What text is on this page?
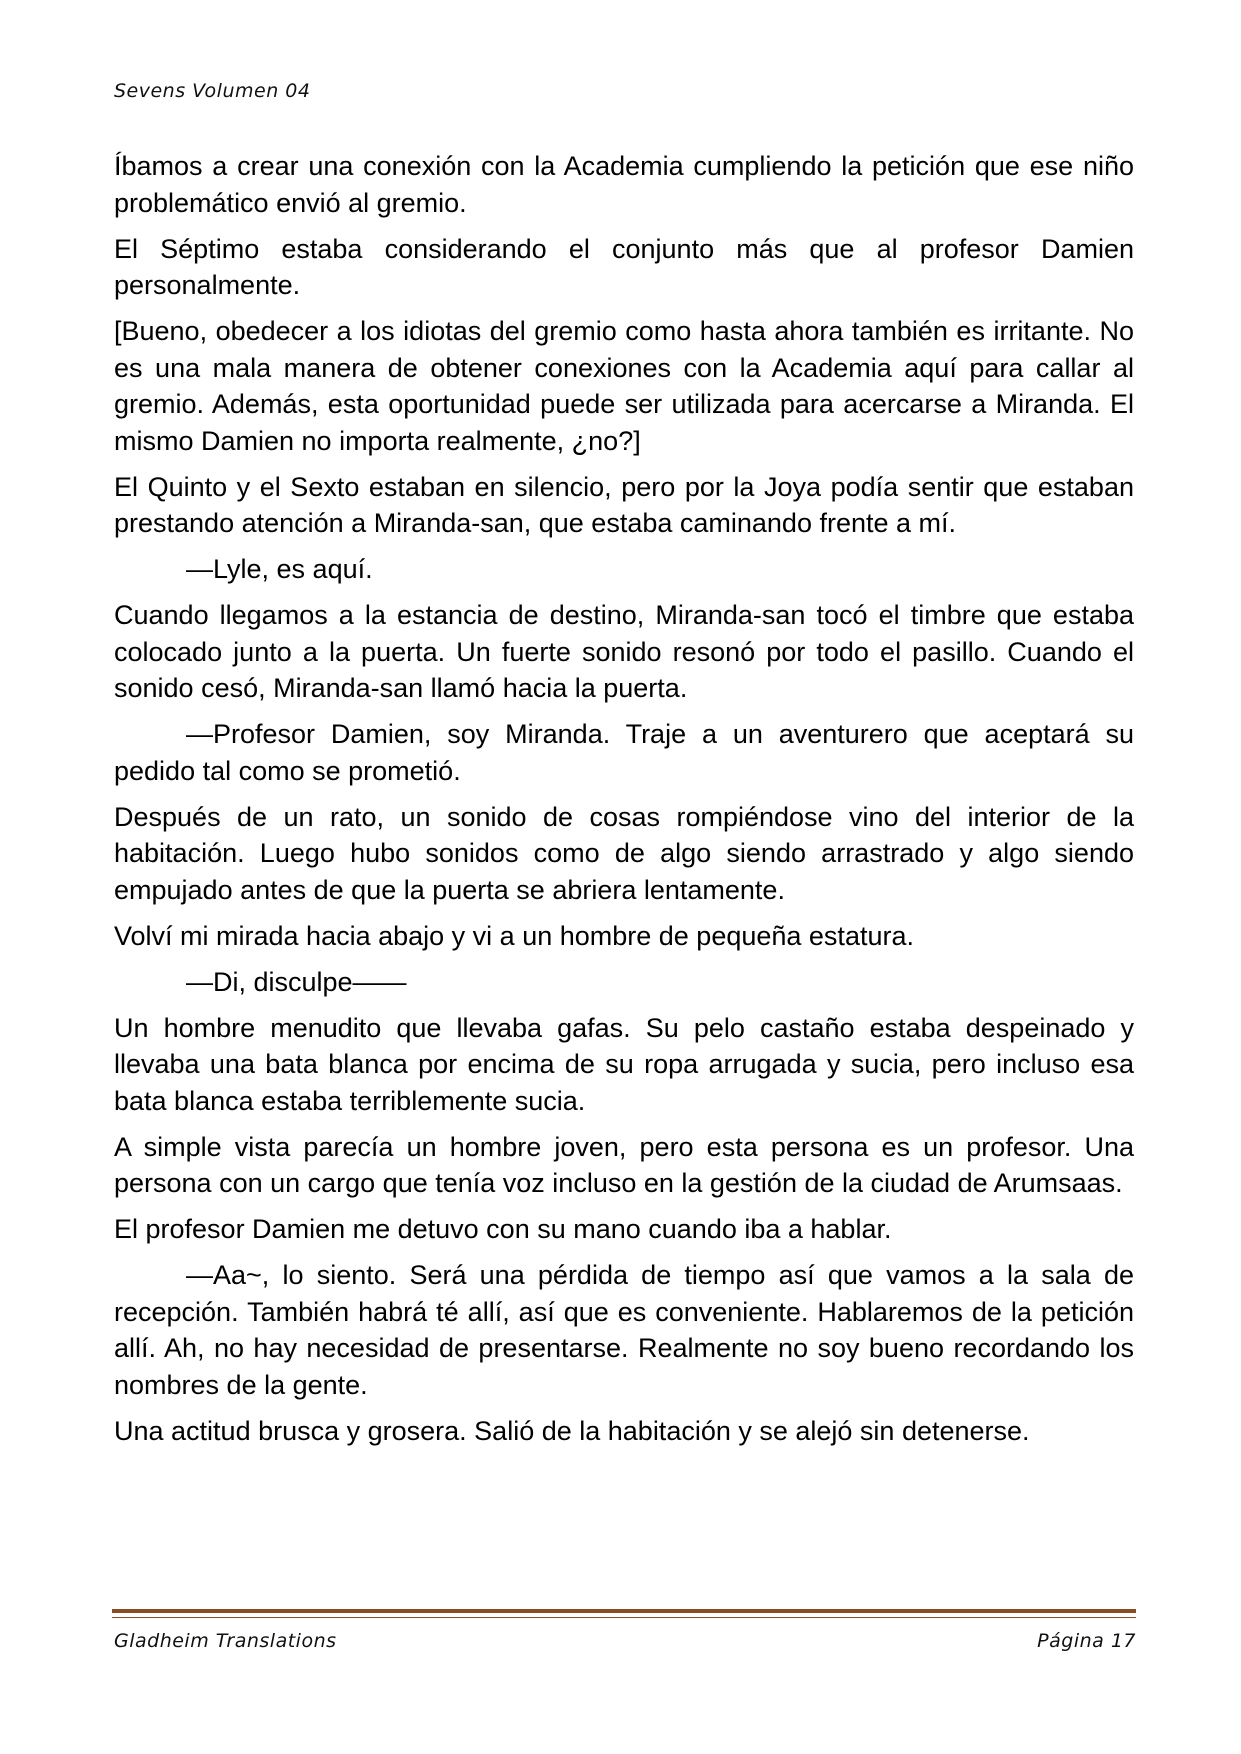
Sevens Volumen 04

Íbamos a crear una conexión con la Academia cumpliendo la petición que ese niño problemático envió al gremio.

El Séptimo estaba considerando el conjunto más que al profesor Damien personalmente.

[Bueno, obedecer a los idiotas del gremio como hasta ahora también es irritante. No es una mala manera de obtener conexiones con la Academia aquí para callar al gremio. Además, esta oportunidad puede ser utilizada para acercarse a Miranda. El mismo Damien no importa realmente, ¿no?]

El Quinto y el Sexto estaban en silencio, pero por la Joya podía sentir que estaban prestando atención a Miranda-san, que estaba caminando frente a mí.

—Lyle, es aquí.

Cuando llegamos a la estancia de destino, Miranda-san tocó el timbre que estaba colocado junto a la puerta. Un fuerte sonido resonó por todo el pasillo. Cuando el sonido cesó, Miranda-san llamó hacia la puerta.

—Profesor Damien, soy Miranda. Traje a un aventurero que aceptará su pedido tal como se prometió.

Después de un rato, un sonido de cosas rompiéndose vino del interior de la habitación. Luego hubo sonidos como de algo siendo arrastrado y algo siendo empujado antes de que la puerta se abriera lentamente.

Volví mi mirada hacia abajo y vi a un hombre de pequeña estatura.

—Di, disculpe——

Un hombre menudito que llevaba gafas. Su pelo castaño estaba despeinado y llevaba una bata blanca por encima de su ropa arrugada y sucia, pero incluso esa bata blanca estaba terriblemente sucia.

A simple vista parecía un hombre joven, pero esta persona es un profesor. Una persona con un cargo que tenía voz incluso en la gestión de la ciudad de Arumsaas.

El profesor Damien me detuvo con su mano cuando iba a hablar.

—Aa~, lo siento. Será una pérdida de tiempo así que vamos a la sala de recepción. También habrá té allí, así que es conveniente. Hablaremos de la petición allí. Ah, no hay necesidad de presentarse. Realmente no soy bueno recordando los nombres de la gente.

Una actitud brusca y grosera. Salió de la habitación y se alejó sin detenerse.

Gladheim Translations	Página 17
